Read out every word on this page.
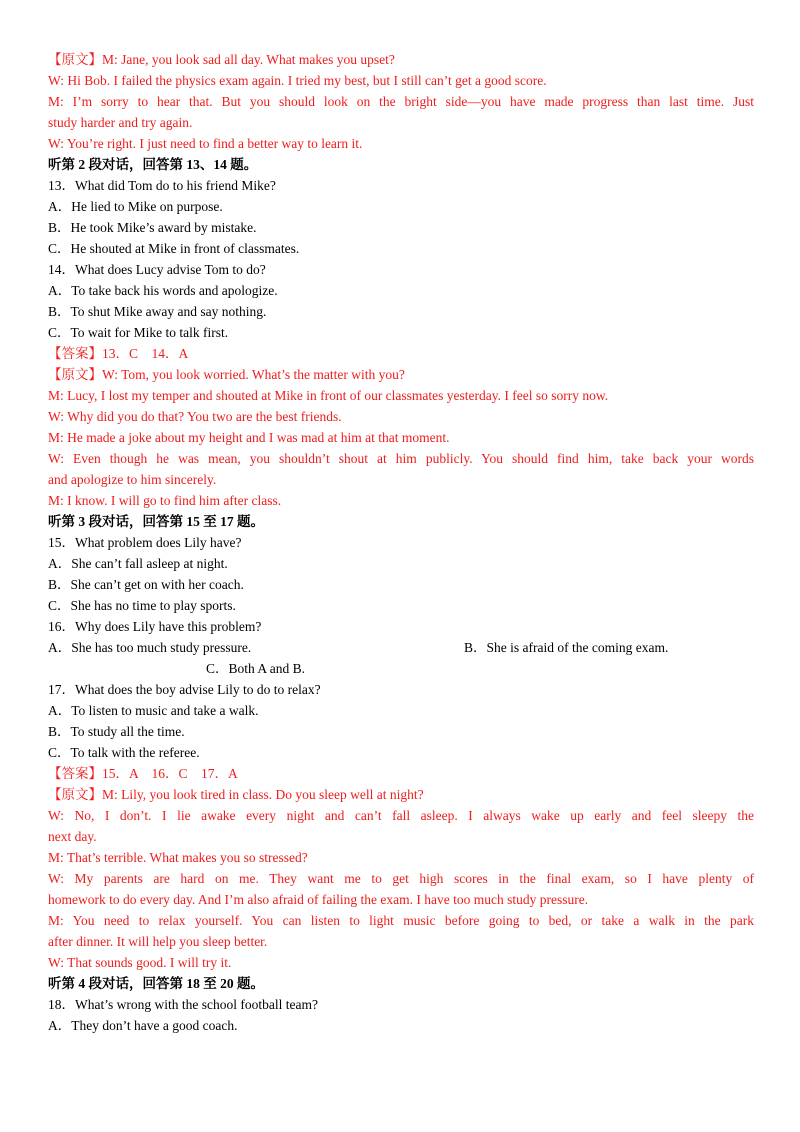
【原文】M: Jane, you look sad all day. What makes you upset?
W: Hi Bob. I failed the physics exam again. I tried my best, but I still can’t get a good score.
M: I’m sorry to hear that. But you should look on the bright side—you have made progress than last time. Just
study harder and try again.
W: You’re right. I just need to find a better way to learn it.
听第 2 段对话，回答第 13、14 题。
13．What did Tom do to his friend Mike?
A．He lied to Mike on purpose.
B．He took Mike’s award by mistake.
C．He shouted at Mike in front of classmates.
14．What does Lucy advise Tom to do?
A．To take back his words and apologize.
B．To shut Mike away and say nothing.
C．To wait for Mike to talk first.
【答案】13．C　14．A
【原文】W: Tom, you look worried. What’s the matter with you?
M: Lucy, I lost my temper and shouted at Mike in front of our classmates yesterday. I feel so sorry now.
W: Why did you do that? You two are the best friends.
M: He made a joke about my height and I was mad at him at that moment.
W: Even though he was mean, you shouldn’t shout at him publicly. You should find him, take back your words
and apologize to him sincerely.
M: I know. I will go to find him after class.
听第 3 段对话，回答第 15 至 17 题。
15．What problem does Lily have?
A．She can’t fall asleep at night.
B．She can’t get on with her coach.
C．She has no time to play sports.
16．Why does Lily have this problem?
A．She has too much study pressure.	B．She is afraid of the coming exam.
C．Both A and B.
17．What does the boy advise Lily to do to relax?
A．To listen to music and take a walk.
B．To study all the time.
C．To talk with the referee.
【答案】15．A　16．C　17．A
【原文】M: Lily, you look tired in class. Do you sleep well at night?
W: No, I don’t. I lie awake every night and can’t fall asleep. I always wake up early and feel sleepy the
next day.
M: That’s terrible. What makes you so stressed?
W: My parents are hard on me. They want me to get high scores in the final exam, so I have plenty of
homework to do every day. And I’m also afraid of failing the exam. I have too much study pressure.
M: You need to relax yourself. You can listen to light music before going to bed, or take a walk in the park
after dinner. It will help you sleep better.
W: That sounds good. I will try it.
听第 4 段对话，回答第 18 至 20 题。
18．What’s wrong with the school football team?
A．They don’t have a good coach.
